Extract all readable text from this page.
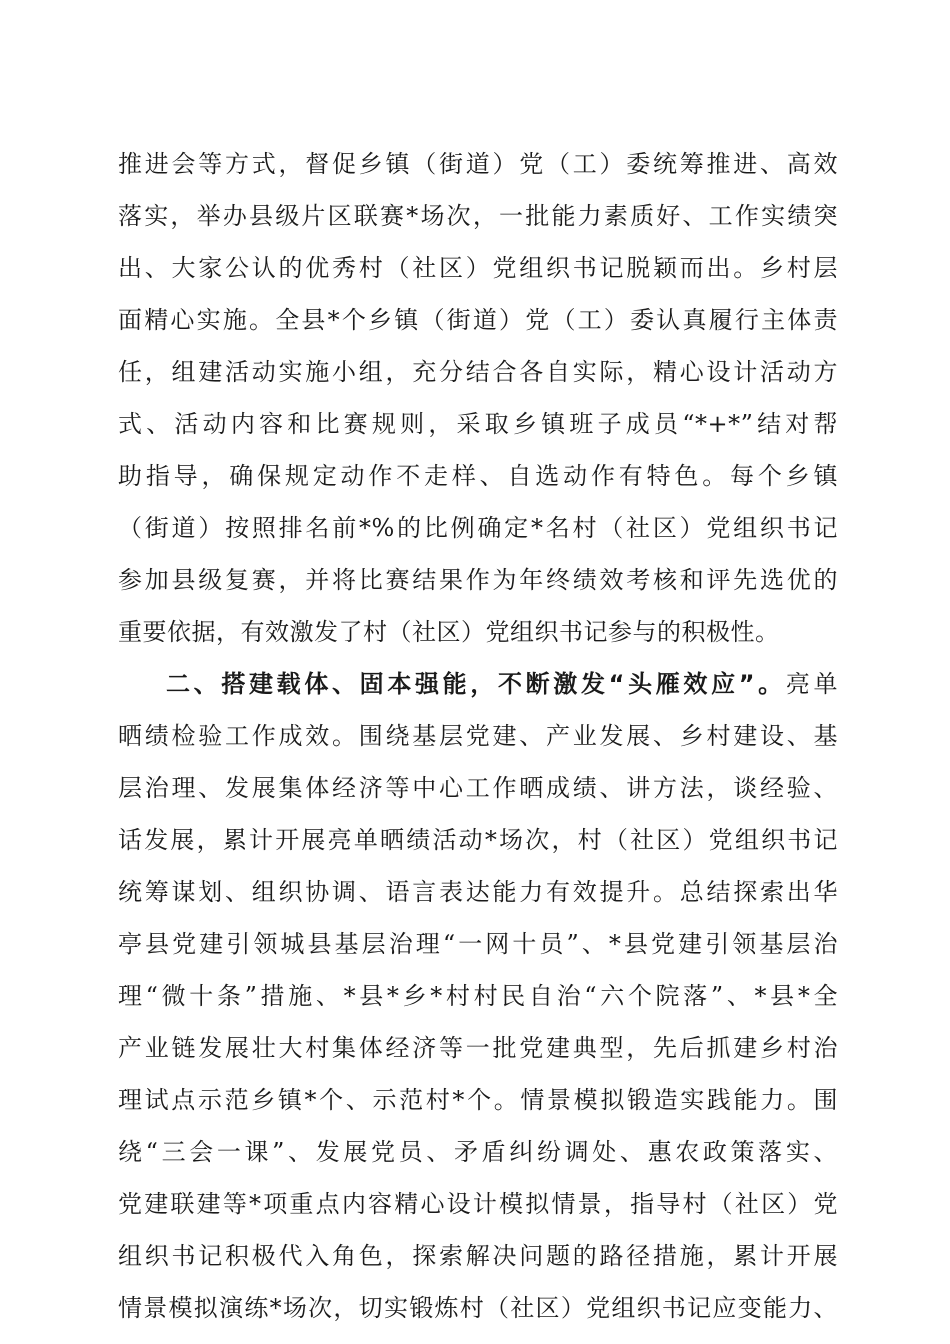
推进会等方式，督促乡镇（街道）党（工）委统筹推进、高效
落实，举办县级片区联赛*场次，一批能力素质好、工作实绩突
出、大家公认的优秀村（社区）党组织书记脱颖而出。乡村层
面精心实施。全县*个乡镇（街道）党（工）委认真履行主体责
任，组建活动实施小组，充分结合各自实际，精心设计活动方
式、活动内容和比赛规则，采取乡镇班子成员“*+*”结对帮
助指导，确保规定动作不走样、自选动作有特色。每个乡镇
（街道）按照排名前*%的比例确定*名村（社区）党组织书记
参加县级复赛，并将比赛结果作为年终绩效考核和评先选优的
重要依据，有效激发了村（社区）党组织书记参与的积极性。
二、搭建载体、固本强能，不断激发“头雁效应”。亮单
晒绩检验工作成效。围绕基层党建、产业发展、乡村建设、基
层治理、发展集体经济等中心工作晒成绩、讲方法，谈经验、
话发展，累计开展亮单晒绩活动*场次，村（社区）党组织书记
统筹谋划、组织协调、语言表达能力有效提升。总结探索出华
亭县党建引领城县基层治理“一网十员”、*县党建引领基层治
理“微十条”措施、*县*乡*村村民自治“六个院落”、*县*全
产业链发展壮大村集体经济等一批党建典型，先后抓建乡村治
理试点示范乡镇*个、示范村*个。情景模拟锻造实践能力。围
绕“三会一课”、发展党员、矛盾纠纷调处、惠农政策落实、
党建联建等*项重点内容精心设计模拟情景，指导村（社区）党
组织书记积极代入角色，探索解决问题的路径措施，累计开展
情景模拟演练*场次，切实锻炼村（社区）党组织书记应变能力、
